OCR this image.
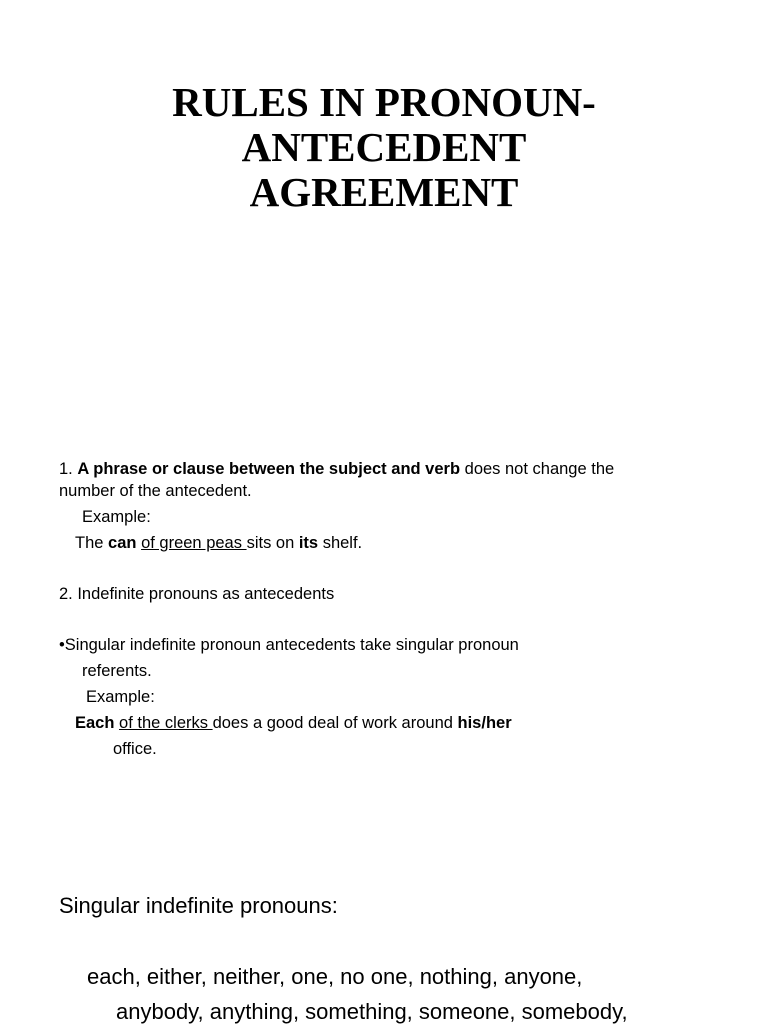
RULES IN PRONOUN-
ANTECEDENT
AGREEMENT
1. A phrase or clause between the subject and verb does not change the
number of the antecedent.
Example:
The can of green peas sits on its shelf.
2. Indefinite pronouns as antecedents
•Singular indefinite pronoun antecedents take singular pronoun
referents.
Example:
Each of the clerks does a good deal of work around his/her
office.
Singular indefinite pronouns:
each, either, neither, one, no one, nothing, anyone,
anybody, anything, something, someone, somebody,
